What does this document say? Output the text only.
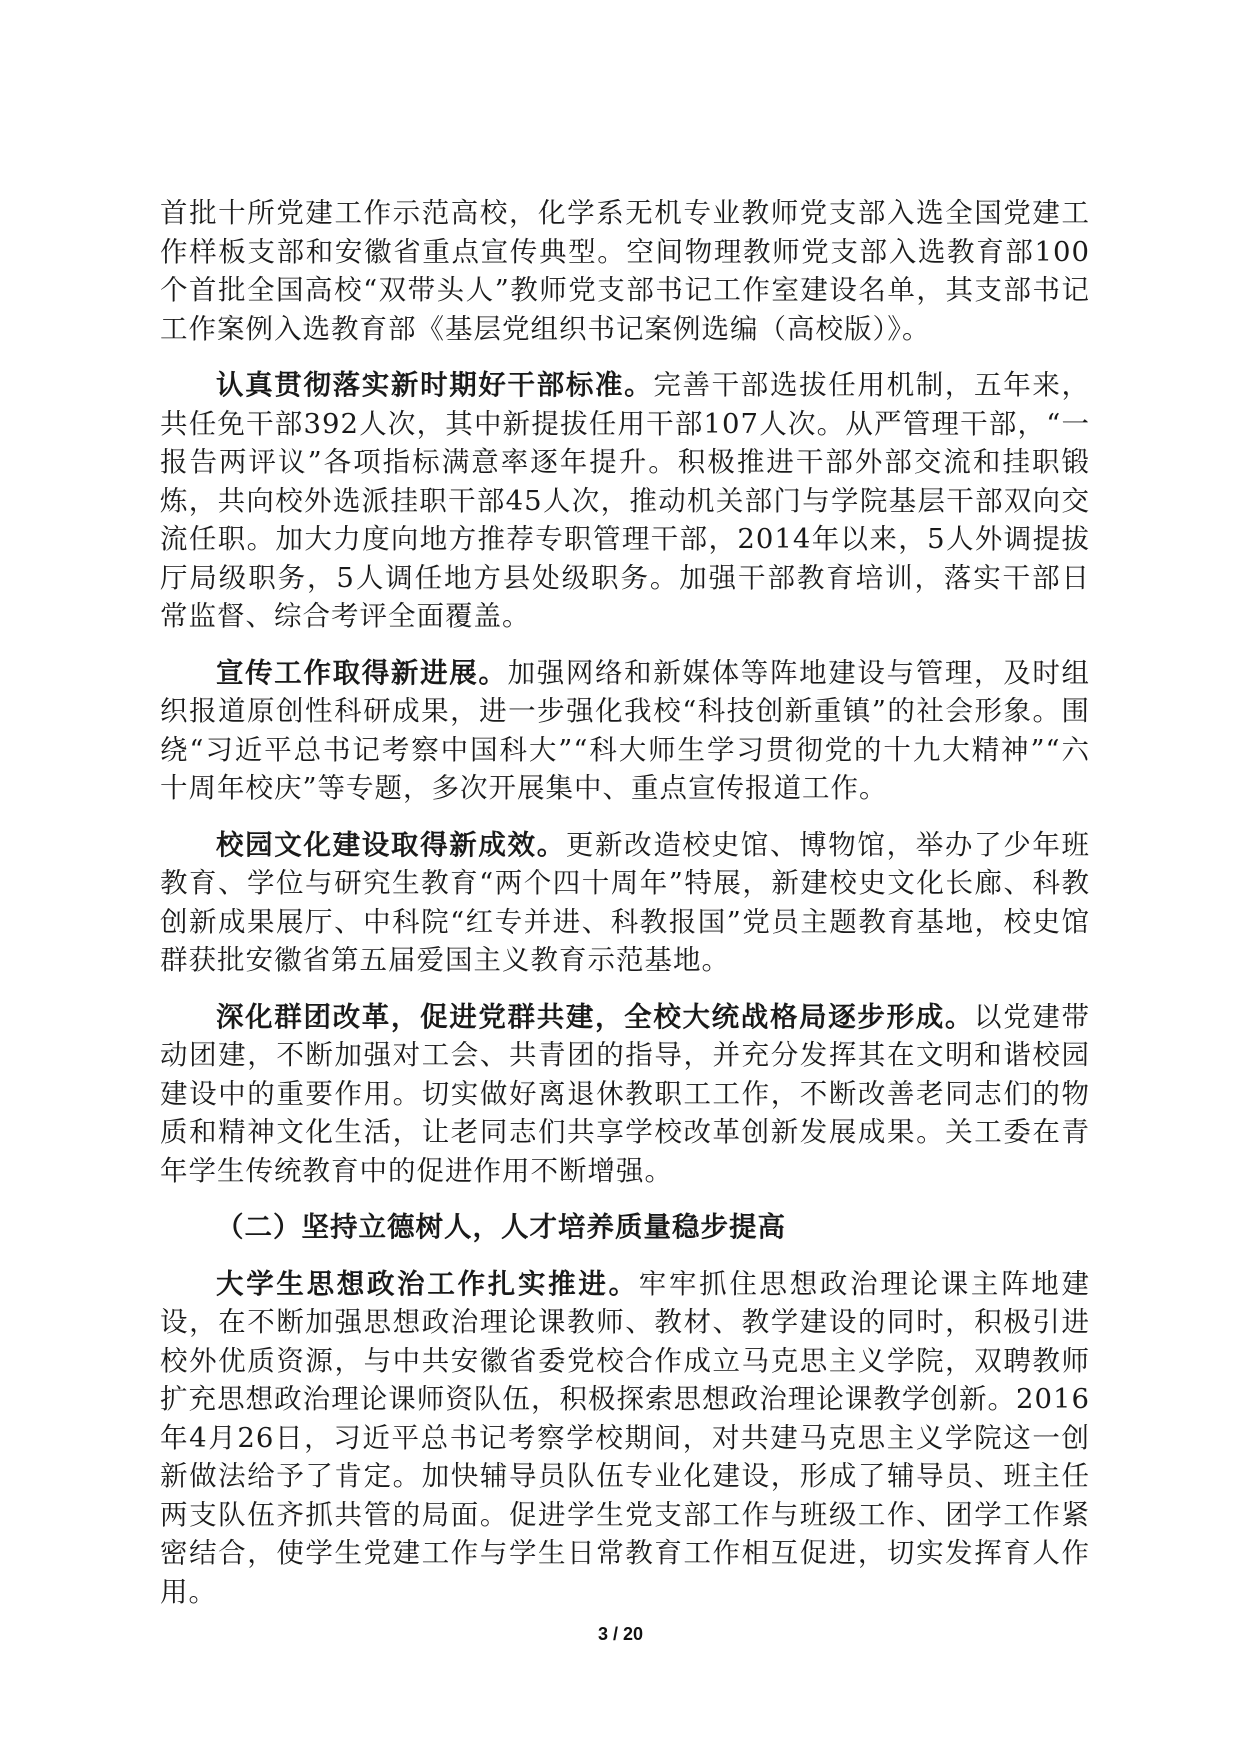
首批十所党建工作示范高校，化学系无机专业教师党支部入选全国党建工作样板支部和安徽省重点宣传典型。空间物理教师党支部入选教育部100个首批全国高校“双带头人”教师党支部书记工作室建设名单，其支部书记工作案例入选教育部《基层党组织书记案例选编（高校版）》。

认真贯彻落实新时期好干部标准。完善干部选拔任用机制，五年来，共任免干部392人次，其中新提拔任用干部107人次。从严管理干部，“一报告两评议”各项指标满意率逐年提升。积极推进干部外部交流和挂职锻炼，共向校外选派挂职干部45人次，推动机关部门与学院基层干部双向交流任职。加大力度向地方推荐专职管理干部，2014年以来，5人外调提拔厅局级职务，5人调任地方县处级职务。加强干部教育培训，落实干部日常监督、综合考评全面覆盖。

宣传工作取得新进展。加强网络和新媒体等阵地建设与管理，及时组织报道原创性科研成果，进一步强化我校“科技创新重镇”的社会形象。围绕“习近平总书记考察中国科大”“科大师生学习贯彻党的十九大精神”“六十周年校庆”等专题，多次开展集中、重点宣传报道工作。

校园文化建设取得新成效。更新改造校史馆、博物馆，举办了少年班教育、学位与研究生教育“两个四十周年”特展，新建校史文化长廊、科教创新成果展厅、中科院“红专并进、科教报国”党员主题教育基地，校史馆群获批安徽省第五届爱国主义教育示范基地。

深化群团改革，促进党群共建，全校大统战格局逐步形成。以党建带动团建，不断加强对工会、共青团的指导，并充分发挥其在文明和谐校园建设中的重要作用。切实做好离退休教职工工作，不断改善老同志们的物质和精神文化生活，让老同志们共享学校改革创新发展成果。关工委在青年学生传统教育中的促进作用不断增强。

（二）坚持立德树人，人才培养质量稳步提高

大学生思想政治工作扎实推进。牢牢抓住思想政治理论课主阵地建设，在不断加强思想政治理论课教师、教材、教学建设的同时，积极引进校外优质资源，与中共安徽省委党校合作成立马克思主义学院，双聘教师扩充思想政治理论课师资队伍，积极探索思想政治理论课教学创新。2016年4月26日，习近平总书记考察学校期间，对共建马克思主义学院这一创新做法给予了肯定。加快辅导员队伍专业化建设，形成了辅导员、班主任两支队伍齐抓共管的局面。促进学生党支部工作与班级工作、团学工作紧密结合，使学生党建工作与学生日常教育工作相互促进，切实发挥育人作用。

3 / 20
